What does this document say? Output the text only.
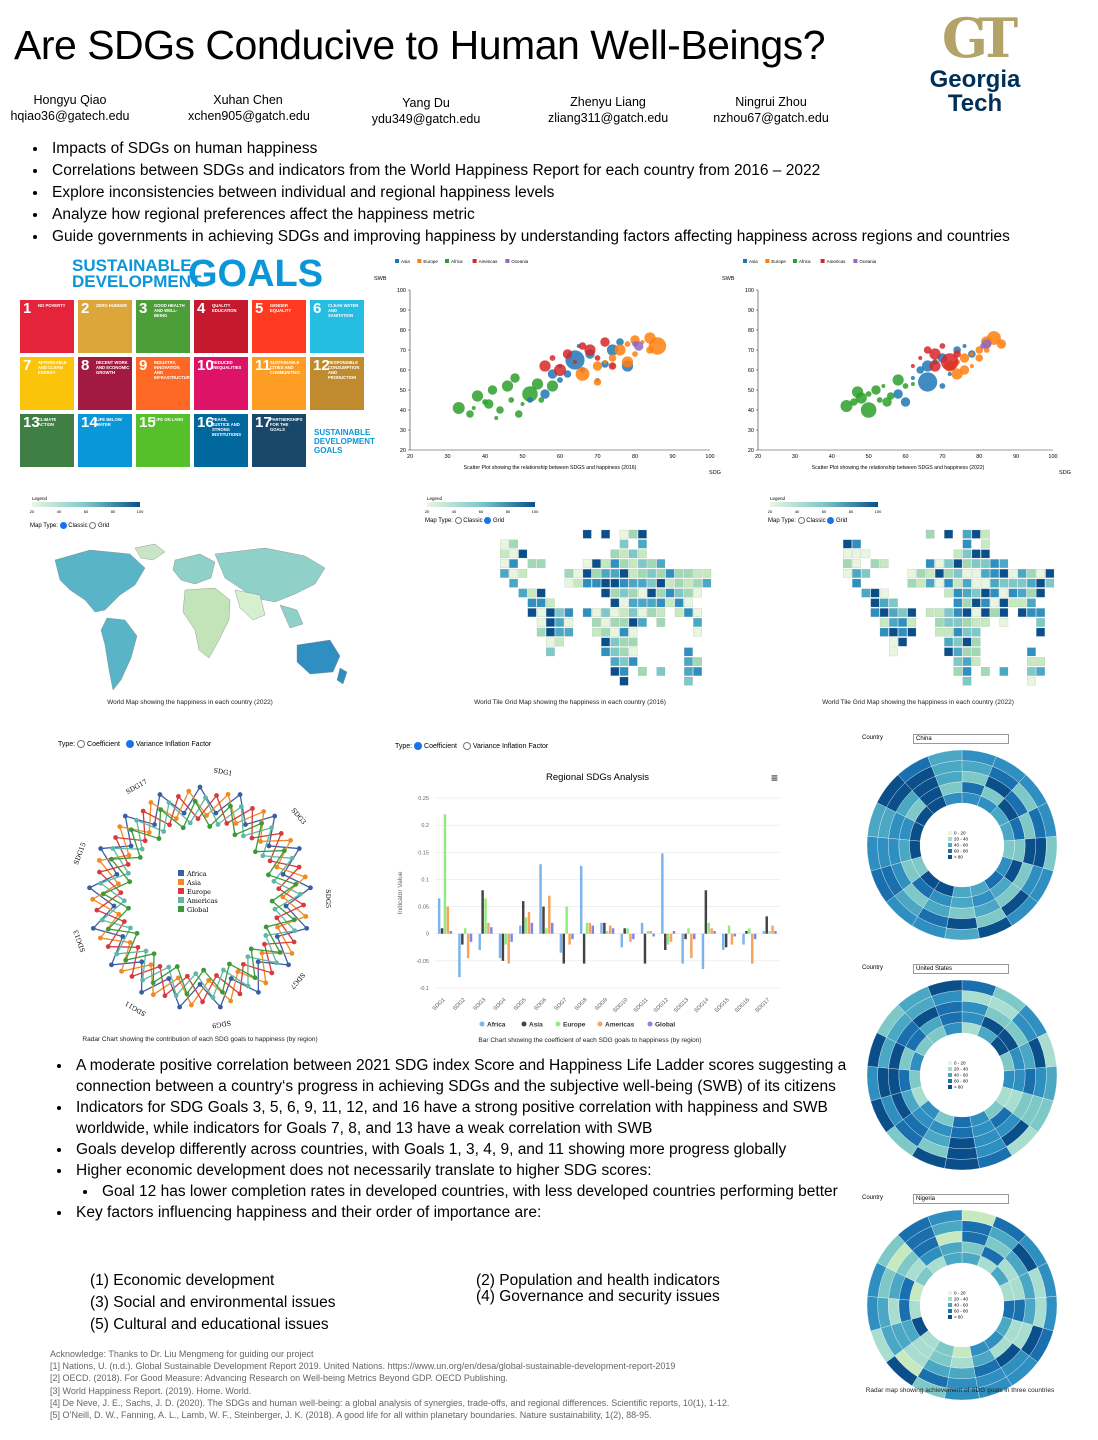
Are SDGs Conducive to Human Well-Beings?
Hongyu Qiao
hqiao36@gatech.edu
Xuhan Chen
xchen905@gatch.edu
Yang Du
ydu349@gatch.edu
Zhenyu Liang
zliang311@gatch.edu
Ningrui Zhou
nzhou67@gatch.edu
GT
Georgia
Tech
• Impacts of SDGs on human happiness
• Correlations between SDGs and indicators from the World Happiness Report for each country from 2016 – 2022
• Explore inconsistencies between individual and regional happiness levels
• Analyze how regional preferences affect the happiness metric
• Guide governments in achieving SDGs and improving happiness by understanding factors affecting happiness across regions and countries
SUSTAINABLE
DEVELOPMENT
GOALS
1 NO POVERTY	2 ZERO HUNGER 3 GOOD HEALTH AND WELL-BEING	4 QUALITY EDUCATION	5 GENDER EQUALITY	6 CLEAN WATER AND SANITATION
7 AFFORDABLE AND CLEAN ENERGY	8 DECENT WORK AND ECONOMIC GROWTH	9 INDUSTRY, INNOVATION AND INFRASTRUCTURE
10
REDUCED INEQUALITIES 11 SUSTAINABLE CITIES AND COMMUNITIES 12
RESPONSIBLE CONSUMPTION AND PRODUCTION
13
CLIMATE ACTION	14
LIFE BELOW WATER	15
LIFE ON LAND 16
PEACE, JUSTICE AND STRONG INSTITUTIONS
17
PARTNERSHIPS FOR THE GOALS	SUSTAINABLE DEVELOPMENT GOALS
Asia	Europe	Africa	Americas	Oceania
SWB
20
30
40
50
60
70
80
90
100
20	30	40	50	60	70	80	90	100
SDG
Scatter Plot showing the relationship between SDGS and happiness (2016)
Asia	Europe	Africa	Americas	Oceania
SWB
20
30
40
50
60
70
80
90
100
20	30	40	50	60	70	80	90	100
SDG
Scatter Plot showing the relationship between SDGS and happiness (2022)
Legend
20	40	60	80	100
Map Type: Classic Grid
World Map showing the happiness in each country (2022)
Legend
20	40	60	80	100
Map Type: Classic Grid
World Tile Grid Map showing the happiness in each country (2016)
Legend
20	40	60	80	100
Map Type: Classic Grid
World Tile Grid Map showing the happiness in each country (2022)
Type: Coefficient Variance Inflation Factor
SDG1
SDG3
SDG5
SDG7
SDG9
SDG11
SDG13
SDG15
SDG17
Africa
Asia
Europe
Americas
Global
Radar Chart showing the contribution of each SDG goals to happiness (by region)
Type: Coefficient Variance Inflation Factor
Regional SDGs Analysis	≡
-0.1
-0.05
0
0.05
0.1
0.15
0.2
0.25
Indicator Value
SDG1 SDG2 SDG3 SDG4 SDG5 SDG6 SDG7 SDG8 SDG9 SDG10 SDG11 SDG12 SDG13 SDG14 SDG15 SDG16 SDG17
Africa	Asia	Europe	Americas	Global
Bar Chart showing the coefficient of each SDG goals to happiness (by region)
Country	China
0 - 20
20 - 40
40 - 60
60 - 80
> 80
Country	United States
0 - 20
20 - 40
40 - 60
60 - 80
> 80
Country	Nigeria
0 - 20
20 - 40
40 - 60
60 - 80
> 80
Radar map showing achievement of SDG goals in three countries
• A moderate positive correlation between 2021 SDG index Score and Happiness Life Ladder scores suggesting a connection between a country‘s progress in achieving SDGs and the subjective well-being (SWB) of its citizens
• Indicators for SDG Goals 3, 5, 6, 9, 11, 12, and 16 have a strong positive correlation with happiness and SWB worldwide, while indicators for Goals 7, 8, and 13 have a weak correlation with SWB
• Goals develop differently across countries, with Goals 1, 3, 4, 9, and 11 showing more progress globally
• Higher economic development does not necessarily translate to higher SDG scores:
• Goal 12 has lower completion rates in developed countries, with less developed countries performing better
• Key factors influencing happiness and their order of importance are:
(1) Economic development	(2) Population and health indicators
(3) Social and environmental issues	(4) Governance and security issues
(5) Cultural and educational issues
Acknowledge: Thanks to Dr. Liu Mengmeng for guiding our project
[1] Nations, U. (n.d.). Global Sustainable Development Report 2019. United Nations. https://www.un.org/en/desa/global-sustainable-development-report-2019
[2] OECD. (2018). For Good Measure: Advancing Research on Well-being Metrics Beyond GDP. OECD Publishing.
[3] World Happiness Report. (2019). Home. World.
[4] De Neve, J. E., Sachs, J. D. (2020). The SDGs and human well-being: a global analysis of synergies, trade-offs, and regional differences. Scientific reports, 10(1), 1-12.
[5] O’Neill, D. W., Fanning, A. L., Lamb, W. F., Steinberger, J. K. (2018). A good life for all within planetary boundaries. Nature sustainability, 1(2), 88-95.
